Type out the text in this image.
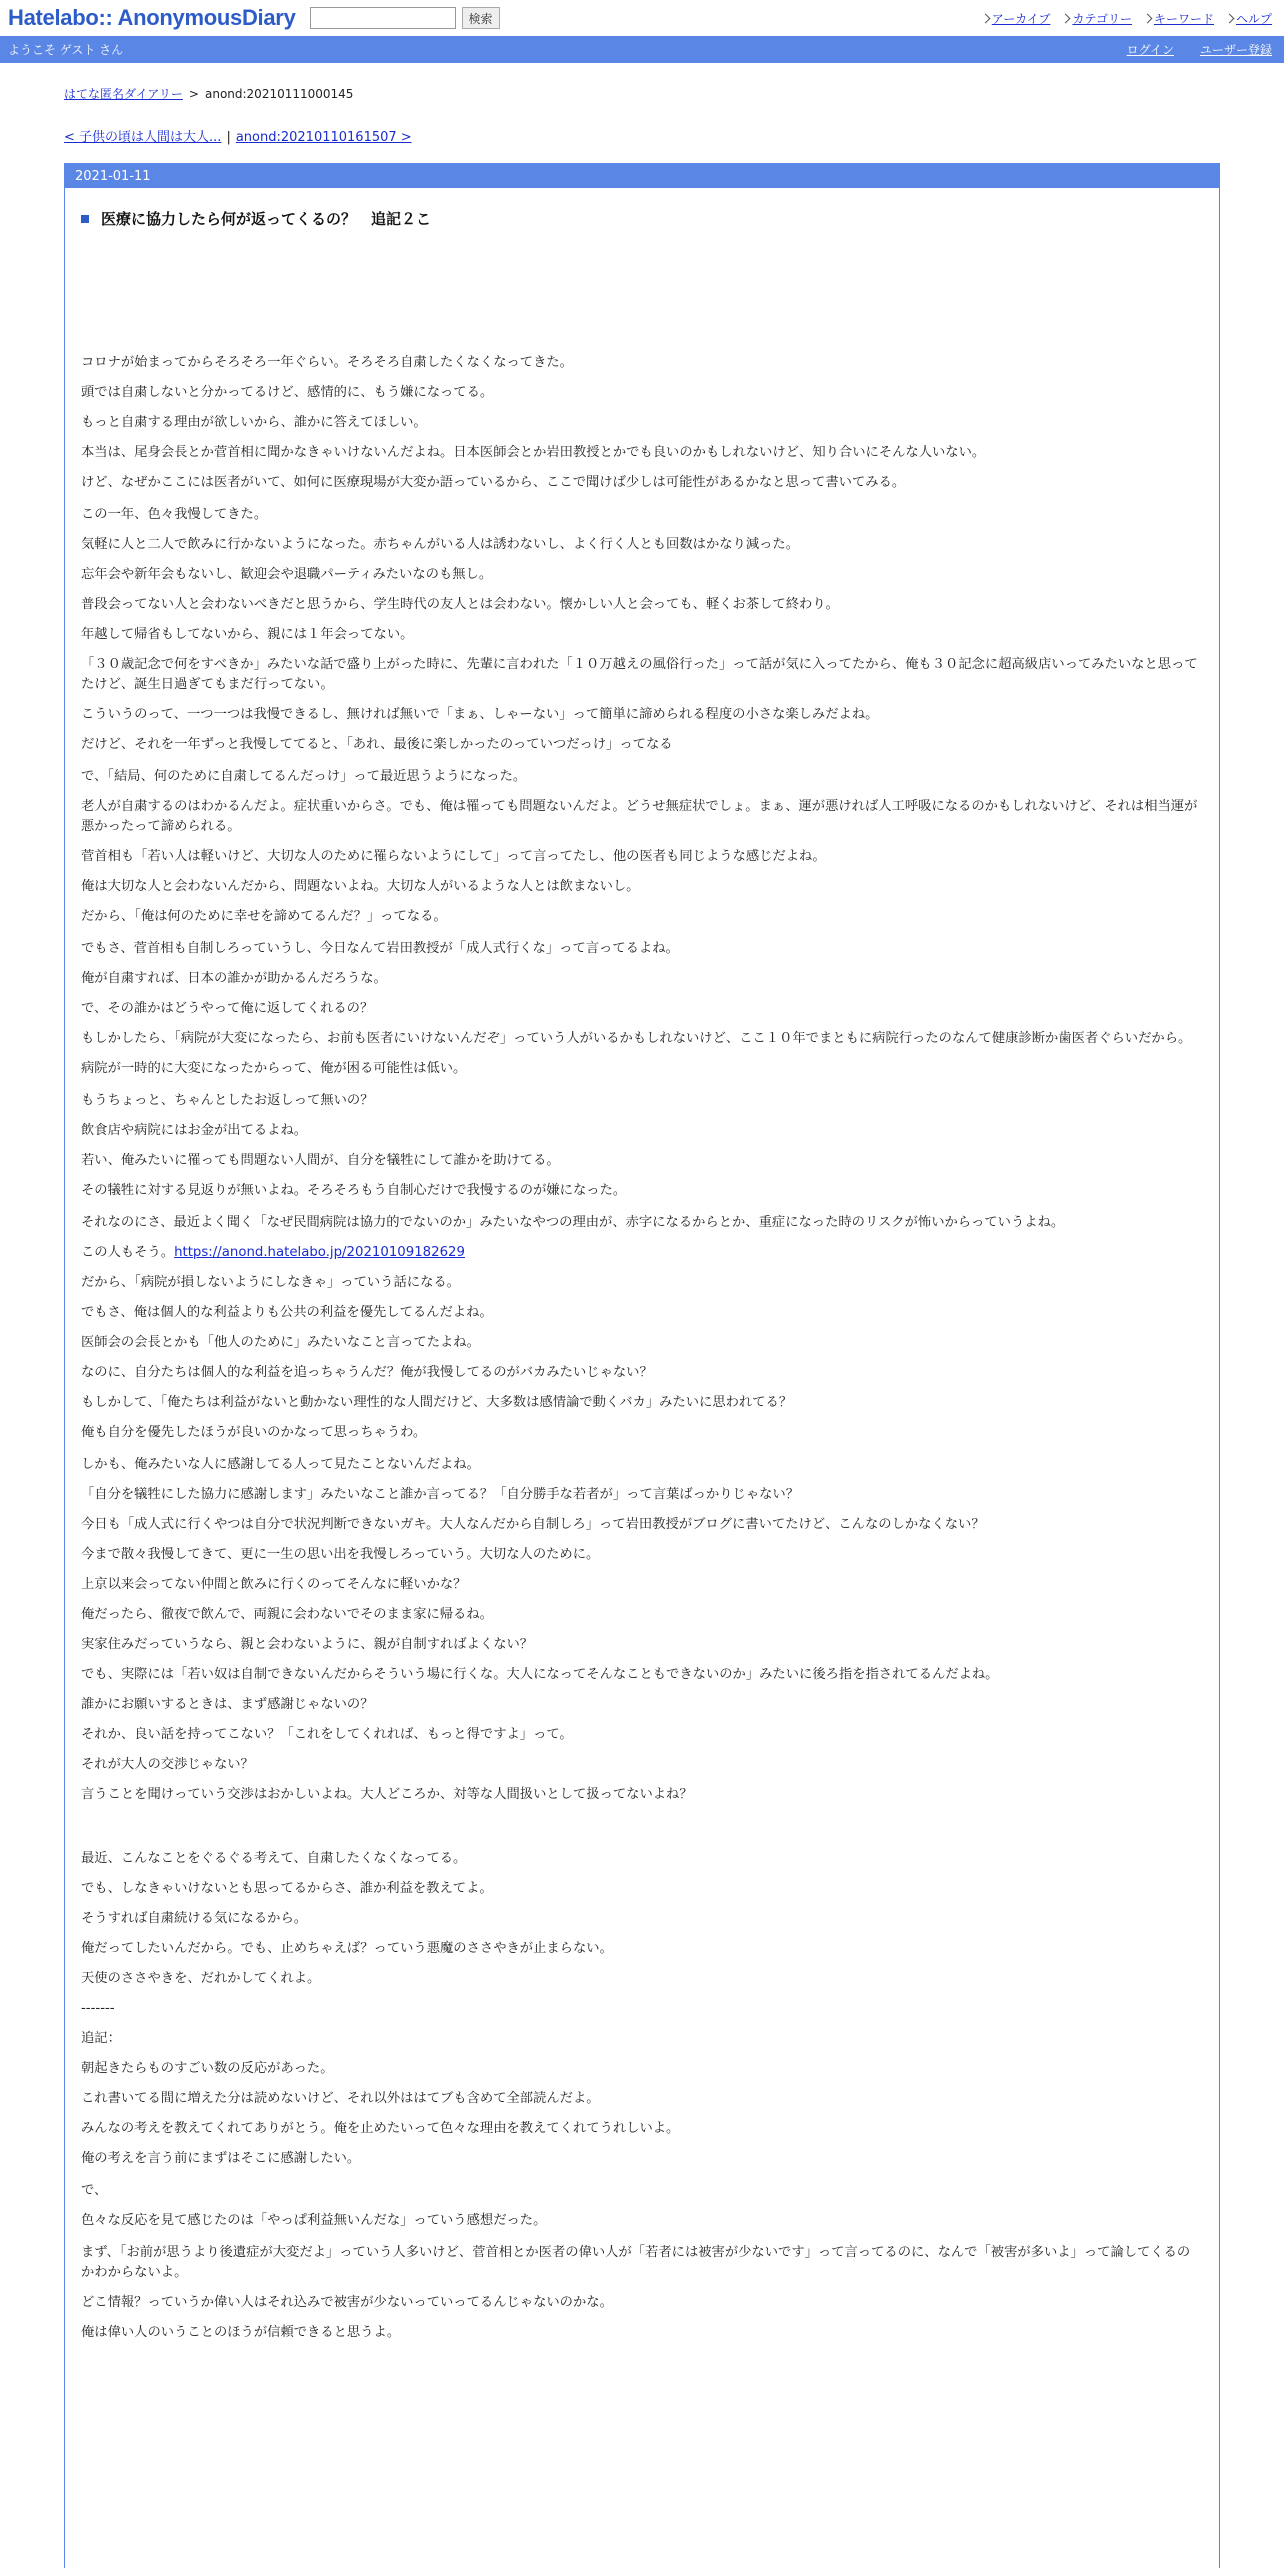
Hatelabo:: AnonymousDiary	検索	アーカイブ カテゴリー キーワード ヘルプ
ようこそ ゲスト さん	ログイン ユーザー登録
はてな匿名ダイアリー > anond:20210111000145
< 子供の頃は人間は大人... | anond:20210110161507 >
2021-01-11
医療に協力したら何が返ってくるの？　追記２こ

コロナが始まってからそろそろ一年ぐらい。そろそろ自粛したくなくなってきた。

頭では自粛しないと分かってるけど、感情的に、もう嫌になってる。

もっと自粛する理由が欲しいから、誰かに答えてほしい。

本当は、尾身会長とか菅首相に聞かなきゃいけないんだよね。日本医師会とか岩田教授とかでも良いのかもしれないけど、知り合いにそんな人いない。

けど、なぜかここには医者がいて、如何に医療現場が大変か語っているから、ここで聞けば少しは可能性があるかなと思って書いてみる。

この一年、色々我慢してきた。

気軽に人と二人で飲みに行かないようになった。赤ちゃんがいる人は誘わないし、よく行く人とも回数はかなり減った。

忘年会や新年会もないし、歓迎会や退職パーティみたいなのも無し。

普段会ってない人と会わないべきだと思うから、学生時代の友人とは会わない。懐かしい人と会っても、軽くお茶して終わり。

年越して帰省もしてないから、親には１年会ってない。

「３０歳記念で何をすべきか」みたいな話で盛り上がった時に、先輩に言われた「１０万越えの風俗行った」って話が気に入ってたから、俺も３０記念に超高級店いってみたいなと思ってたけど、誕生日過ぎてもまだ行ってない。

こういうのって、一つ一つは我慢できるし、無ければ無いで「まぁ、しゃーない」って簡単に諦められる程度の小さな楽しみだよね。

だけど、それを一年ずっと我慢しててると、「あれ、最後に楽しかったのっていつだっけ」ってなる

で、「結局、何のために自粛してるんだっけ」って最近思うようになった。

老人が自粛するのはわかるんだよ。症状重いからさ。でも、俺は罹っても問題ないんだよ。どうせ無症状でしょ。まぁ、運が悪ければ人工呼吸になるのかもしれないけど、それは相当運が悪かったって諦められる。

菅首相も「若い人は軽いけど、大切な人のために罹らないようにして」って言ってたし、他の医者も同じような感じだよね。

俺は大切な人と会わないんだから、問題ないよね。大切な人がいるような人とは飲まないし。

だから、「俺は何のために幸せを諦めてるんだ？」ってなる。

でもさ、菅首相も自制しろっていうし、今日なんて岩田教授が「成人式行くな」って言ってるよね。

俺が自粛すれば、日本の誰かが助かるんだろうな。

で、その誰かはどうやって俺に返してくれるの？

もしかしたら、「病院が大変になったら、お前も医者にいけないんだぞ」っていう人がいるかもしれないけど、ここ１０年でまともに病院行ったのなんて健康診断か歯医者ぐらいだから。

病院が一時的に大変になったからって、俺が困る可能性は低い。

もうちょっと、ちゃんとしたお返しって無いの？

飲食店や病院にはお金が出てるよね。

若い、俺みたいに罹っても問題ない人間が、自分を犠牲にして誰かを助けてる。

その犠牲に対する見返りが無いよね。そろそろもう自制心だけで我慢するのが嫌になった。

それなのにさ、最近よく聞く「なぜ民間病院は協力的でないのか」みたいなやつの理由が、赤字になるからとか、重症になった時のリスクが怖いからっていうよね。

この人もそう。https://anond.hatelabo.jp/20210109182629

だから、「病院が損しないようにしなきゃ」っていう話になる。

でもさ、俺は個人的な利益よりも公共の利益を優先してるんだよね。

医師会の会長とかも「他人のために」みたいなこと言ってたよね。

なのに、自分たちは個人的な利益を追っちゃうんだ？俺が我慢してるのがバカみたいじゃない？

もしかして、「俺たちは利益がないと動かない理性的な人間だけど、大多数は感情論で動くバカ」みたいに思われてる？

俺も自分を優先したほうが良いのかなって思っちゃうわ。

しかも、俺みたいな人に感謝してる人って見たことないんだよね。

「自分を犠牲にした協力に感謝します」みたいなこと誰か言ってる？「自分勝手な若者が」って言葉ばっかりじゃない？

今日も「成人式に行くやつは自分で状況判断できないガキ。大人なんだから自制しろ」って岩田教授がブログに書いてたけど、こんなのしかなくない？

今まで散々我慢してきて、更に一生の思い出を我慢しろっていう。大切な人のために。

上京以来会ってない仲間と飲みに行くのってそんなに軽いかな？

俺だったら、徹夜で飲んで、両親に会わないでそのまま家に帰るね。

実家住みだっていうなら、親と会わないように、親が自制すればよくない？

でも、実際には「若い奴は自制できないんだからそういう場に行くな。大人になってそんなこともできないのか」みたいに後ろ指を指されてるんだよね。

誰かにお願いするときは、まず感謝じゃないの？

それか、良い話を持ってこない？「これをしてくれれば、もっと得ですよ」って。

それが大人の交渉じゃない？

言うことを聞けっていう交渉はおかしいよね。大人どころか、対等な人間扱いとして扱ってないよね？

最近、こんなことをぐるぐる考えて、自粛したくなくなってる。

でも、しなきゃいけないとも思ってるからさ、誰か利益を教えてよ。

そうすれば自粛続ける気になるから。

俺だってしたいんだから。でも、止めちゃえば？っていう悪魔のささやきが止まらない。

天使のささやきを、だれかしてくれよ。

-------

追記：

朝起きたらものすごい数の反応があった。

これ書いてる間に増えた分は読めないけど、それ以外ははてブも含めて全部読んだよ。

みんなの考えを教えてくれてありがとう。俺を止めたいって色々な理由を教えてくれてうれしいよ。

俺の考えを言う前にまずはそこに感謝したい。

で、

色々な反応を見て感じたのは「やっぱ利益無いんだな」っていう感想だった。

まず、「お前が思うより後遺症が大変だよ」っていう人多いけど、菅首相とか医者の偉い人が「若者には被害が少ないです」って言ってるのに、なんで「被害が多いよ」って論してくるのかわからないよ。

どこ情報？っていうか偉い人はそれ込みで被害が少ないっていってるんじゃないのかな。

俺は偉い人のいうことのほうが信頼できると思うよ。
